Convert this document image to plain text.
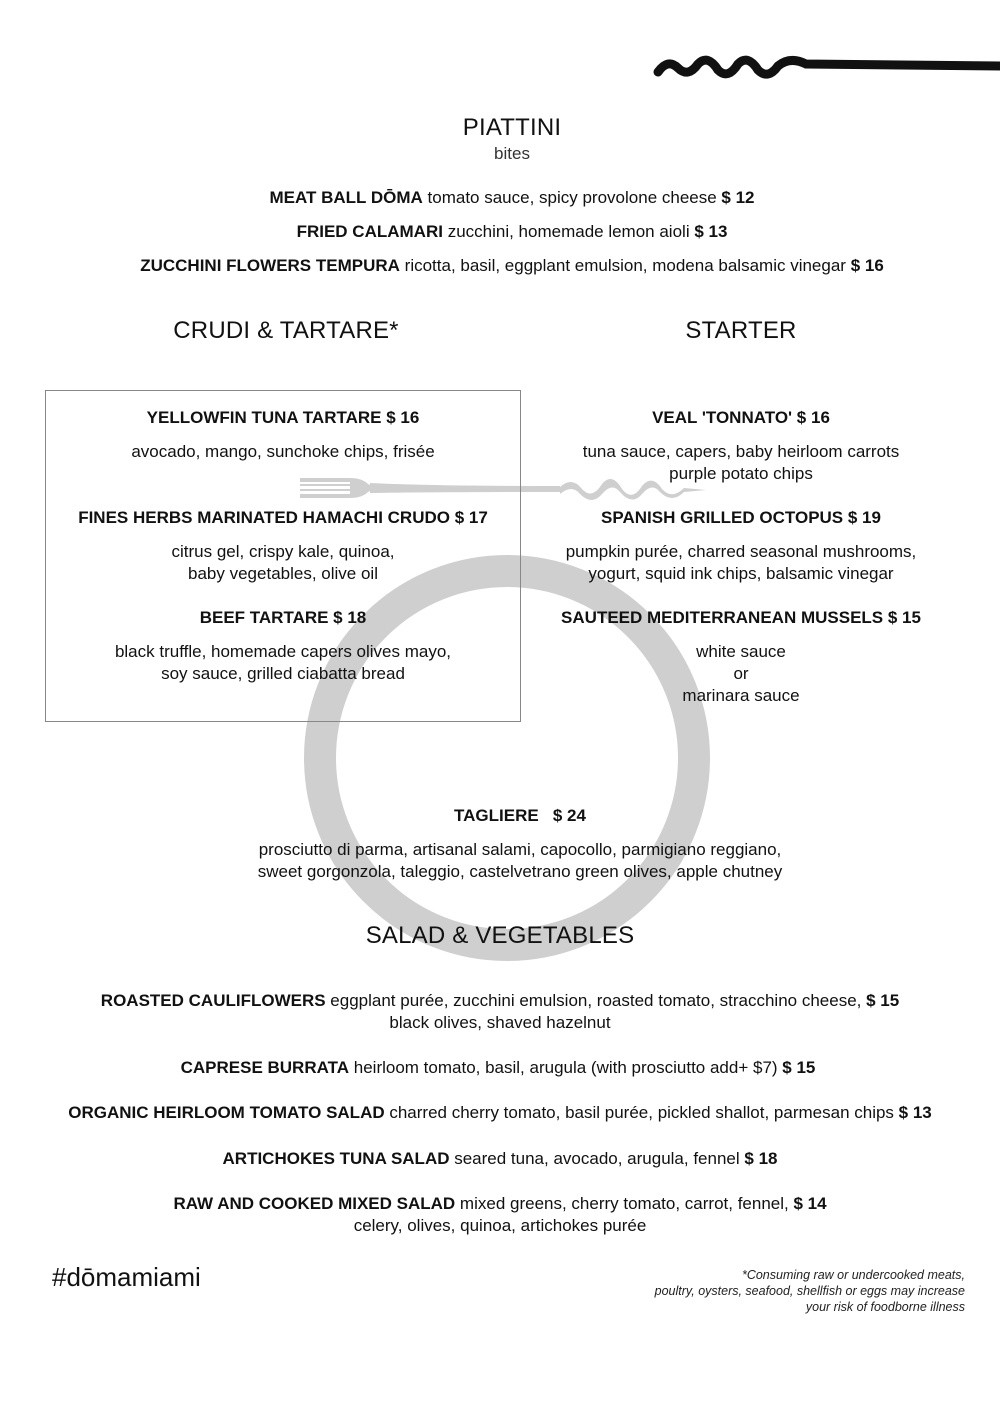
PIATTINI
bites
MEAT BALL DŌMA tomato sauce, spicy provolone cheese $ 12
FRIED CALAMARI zucchini, homemade lemon aioli $ 13
ZUCCHINI FLOWERS TEMPURA ricotta, basil, eggplant emulsion, modena balsamic vinegar $ 16
CRUDI & TARTARE*	STARTER
YELLOWFIN TUNA TARTARE $ 16
avocado, mango, sunchoke chips, frisée
FINES HERBS MARINATED HAMACHI CRUDO $ 17
citrus gel, crispy kale, quinoa,
baby vegetables, olive oil
BEEF TARTARE $ 18
black truffle, homemade capers olives mayo,
soy sauce, grilled ciabatta bread
VEAL 'TONNATO' $ 16
tuna sauce, capers, baby heirloom carrots
purple potato chips
SPANISH GRILLED OCTOPUS $ 19
pumpkin purée, charred seasonal mushrooms,
yogurt, squid ink chips, balsamic vinegar
SAUTEED MEDITERRANEAN MUSSELS $ 15
white sauce
or
marinara sauce
TAGLIERE   $ 24
prosciutto di parma, artisanal salami, capocollo, parmigiano reggiano,
sweet gorgonzola, taleggio, castelvetrano green olives, apple chutney
SALAD & VEGETABLES
ROASTED CAULIFLOWERS eggplant purée, zucchini emulsion, roasted tomato, stracchino cheese, $ 15
black olives, shaved hazelnut
CAPRESE BURRATA heirloom tomato, basil, arugula (with prosciutto add+ $7) $ 15
ORGANIC HEIRLOOM TOMATO SALAD charred cherry tomato, basil purée, pickled shallot, parmesan chips $ 13
ARTICHOKES TUNA SALAD seared tuna, avocado, arugula, fennel $ 18
RAW AND COOKED MIXED SALAD mixed greens, cherry tomato, carrot, fennel, $ 14
celery, olives, quinoa, artichokes purée
#dōmamiami	*Consuming raw or undercooked meats,
poultry, oysters, seafood, shellfish or eggs may increase
your risk of foodborne illness
